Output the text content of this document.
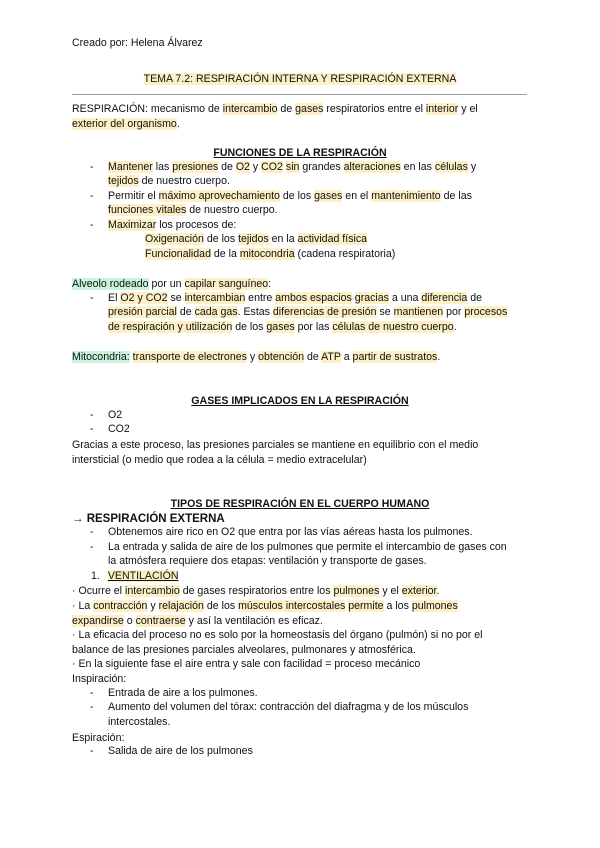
Creado por: Helena Álvarez
TEMA 7.2: RESPIRACIÓN INTERNA Y RESPIRACIÓN EXTERNA
RESPIRACIÓN: mecanismo de intercambio de gases respiratorios entre el interior y el
exterior del organismo.
FUNCIONES DE LA RESPIRACIÓN
-	Mantener las presiones de O2 y CO2 sin grandes alteraciones en las células y
tejidos de nuestro cuerpo.
-	Permitir el máximo aprovechamiento de los gases en el mantenimiento de las
funciones vitales de nuestro cuerpo.
-	Maximizar los procesos de:
Oxigenación de los tejidos en la actividad física
Funcionalidad de la mitocondria (cadena respiratoria)
Alveolo rodeado por un capilar sanguíneo:
-	El O2 y CO2 se intercambian entre ambos espacios gracias a una diferencia de
presión parcial de cada gas. Estas diferencias de presión se mantienen por procesos
de respiración y utilización de los gases por las células de nuestro cuerpo.
Mitocondria: transporte de electrones y obtención de ATP a partir de sustratos.
GASES IMPLICADOS EN LA RESPIRACIÓN
-	O2
-	CO2
Gracias a este proceso, las presiones parciales se mantiene en equilibrio con el medio
intersticial (o medio que rodea a la célula = medio extracelular)
TIPOS DE RESPIRACIÓN EN EL CUERPO HUMANO
→ RESPIRACIÓN EXTERNA
-	Obtenemos aire rico en O2 que entra por las vías aéreas hasta los pulmones.
-	La entrada y salida de aire de los pulmones que permite el intercambio de gases con
la atmósfera requiere dos etapas: ventilación y transporte de gases.
1. VENTILACIÓN
· Ocurre el intercambio de gases respiratorios entre los pulmones y el exterior.
· La contracción y relajación de los músculos intercostales permite a los pulmones
expandirse o contraerse y así la ventilación es eficaz.
· La eficacia del proceso no es solo por la homeostasis del órgano (pulmón) si no por el
balance de las presiones parciales alveolares, pulmonares y atmosférica.
· En la siguiente fase el aire entra y sale con facilidad = proceso mecánico
Inspiración:
-	Entrada de aire a los pulmones.
-	Aumento del volumen del tórax: contracción del diafragma y de los músculos
intercostales.
Espiración:
-	Salida de aire de los pulmones
